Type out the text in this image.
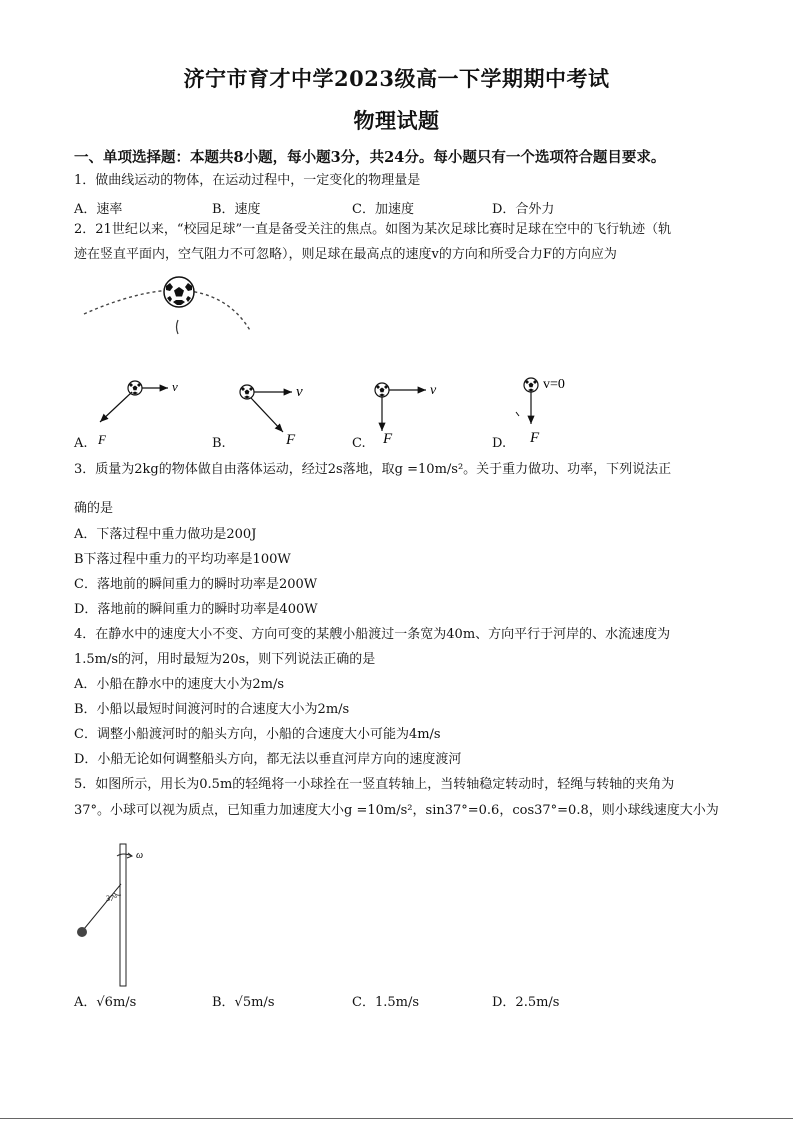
济宁市育才中学2023级高一下学期期中考试
物理试题
一、单项选择题：本题共8小题，每小题3分，共24分。每小题只有一个选项符合题目要求。
1．做曲线运动的物体，在运动过程中，一定变化的物理量是
A．速率	B．速度	C．加速度	D．合外力
2．21世纪以来，“校园足球”一直是备受关注的焦点。如图为某次足球比赛时足球在空中的飞行轨迹（轨
迹在竖直平面内，空气阻力不可忽略），则足球在最高点的速度v的方向和所受合力F的方向应为
v
F
v
F
v
F
v=0
F
A.	B.	C.	D.
3．质量为2kg的物体做自由落体运动，经过2s落地，取g =10m/s²。关于重力做功、功率，下列说法正
确的是
A．下落过程中重力做功是200J
B下落过程中重力的平均功率是100W
C．落地前的瞬间重力的瞬时功率是200W
D．落地前的瞬间重力的瞬时功率是400W
4．在静水中的速度大小不变、方向可变的某艘小船渡过一条宽为40m、方向平行于河岸的、水流速度为
1.5m/s的河，用时最短为20s，则下列说法正确的是
A．小船在静水中的速度大小为2m/s
B．小船以最短时间渡河时的合速度大小为2m/s
C．调整小船渡河时的船头方向，小船的合速度大小可能为4m/s
D．小船无论如何调整船头方向，都无法以垂直河岸方向的速度渡河
5．如图所示，用长为0.5m的轻绳将一小球拴在一竖直转轴上，当转轴稳定转动时，轻绳与转轴的夹角为
37°。小球可以视为质点，已知重力加速度大小g =10m/s²，sin37°=0.6，cos37°=0.8，则小球线速度大小为
ω
37°
A．√6m/s	B．√5m/s	C．1.5m/s	D．2.5m/s
